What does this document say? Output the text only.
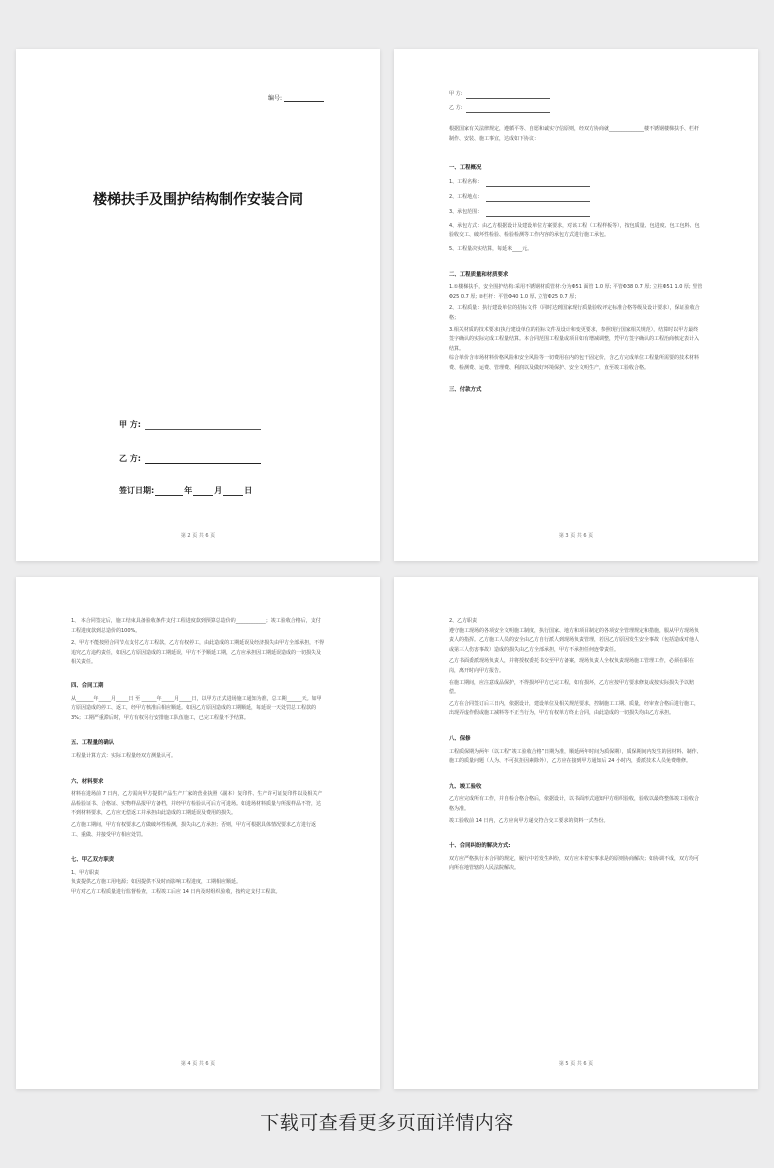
编号:
楼梯扶手及围护结构制作安装合同
甲 方:
乙 方:
签订日期:	年	月	日
第 2 页 共 6 页
甲 方:
乙 方:

根据国家有关法律规定，遵循平等、自愿和诚实守信原则，经双方协商就______________楼不锈钢楼梯扶手、栏杆制作、安装、施工事宜，达成如下协议：

一、工程概况

1、工程名称：
2、工程地点：
3、承包范围：

4、承包方式：由乙方根据设计及建设单位方案要求，对该工程（工程样板等），按包质量、包进度、包工包料、包验收交工、破坏性检验、检验检测等工作内容的承包方式进行施工承包。

5、工程量决实结算，每延米____元。

二、工程质量和材质要求

1.①楼梯扶手，安全围护结构:采用不锈钢材质管材:分为Φ51 面管 1.0 厚; 平管Φ38 0.7 厚; 立柱Φ51 1.0 厚; 竖管Φ25 0.7 厚; ②栏杆：平管Φ40 1.0 厚, 立管Φ25 0.7 厚；

2、工程质量：执行建设单位的招标文件（同时达到国家现行质量验收评定标准合格等级及设计要求），保证验收合格；

3.相关材质的技术要求(执行建设单位的招标文件及设计和变更要求，参照现行国家相关规范），结算时以甲方最终签字确认的实际完成工程量结算。本合同范围工程量或项目如有增减调整，凭甲方签字确认的工程治商核定表计入结算。

综合单价含市场材料价格风险和安全风险等一切费用在内的包干固定价，含乙方完成单位工程量所需要的技术材料费、检测费、运费、管理费、利润以及做好环境保护、安全文明生产，直至竣工验收合格。

三、付款方式

第 3 页 共 6 页

1、 本合同签定后，施工结束具备验收条件支付工程进度款到预算总造价的____________；竣工验收合格后，支付工程进度款到总造价的100%。

2、甲方不能按照合同节点支付乙方工程款，乙方有权停工，由此造成的工期延误及经济损失由甲方全部承担，不得追究乙方违约责任，如因乙方原因造成的工期延误，甲方不予顺延工期，乙方应承担因工期延误造成的一切损失及相关责任。

四、合同工期

从_______年_____月_____日 至 ______年_____月_____日，以甲方正式进场施工通知为准，总工期______天。如甲方原因造成的停工、返工，经甲方核准后相应顺延。如因乙方原因造成的工期顺延，每延误一天处罚总工程款的 3%；工期严重滞后时，甲方有权另行安排施工队伍施工，已完工程量不予结算。

五、工程量的确认

工程量计算方式：实际工程量经双方测量认可。

六、材料要求

材料在进场前 7 日内，乙方需向甲方提供产品生产厂家的营业执照（副本）复印件、生产许可证复印件以及相关产品检验证书、合格证、实物样品报甲方备档，并经甲方检验认可后方可进场。如进场材料质量与所报样品不符，达不到材料要求，乙方应无偿返工并承担由此造成的工期延误及费用的损失。

乙方施工期间，甲方有权要求乙方做破坏性检测，损失由乙方承担；否则，甲方可根据具体情况要求乙方进行返工、重做、并接受甲方相应处罚。

七、甲乙双方职责

1、甲方职责

负责提供乙方施工用电源；如因提供不及时而影响工程进度，工期相应顺延。

甲方对乙方工程质量进行监督检查，工程竣工后应 14 日内及时组织验收，按约定支付工程款。

第 4 页 共 6 页

2、乙方职责

遵守施工现场的各项安全文明施工制度，执行国家、地方和项目制定的各项安全管理规定和措施，服从甲方现场负责人的指挥。乙方施工人员的安全由乙方自行派人到现场负责管理，若因乙方原因发生安全事故（包括造成对他人或第三人伤害事故）造成的损失由乙方全部承担，甲方不承担任何连带责任。

乙方书面委派现场负责人，并将授权委托书交至甲方备案，现场负责人全权负责现场施工管理工作，必须在职在岗，离开时向甲方报告。

在施工期间，应注意成品保护，不得损坏甲方已完工程，如有损坏，乙方应按甲方要求修复或按实际损失予以赔偿。

乙方在合同签订后三日内，依据设计，建设单位及相关规范要求，控制施工工期、质量，经审查合格后进行施工，出现弄虚作假或施工减料等不正当行为，甲方有权单方终止合同，由此造成的一切损失均由乙方承担。

八、保修

工程质保期为两年（以工程“竣工验收合格”日期为准，顺延两年时间为质保期），质保期间内发生的因材料、制作、施工的质量问题（人为、不可抗拒因素除外），乙方应在接到甲方通知后 24 小时内，委派技术人员免费维修。

九、竣工验收

乙方应完成所有工作，并自检合格合格后，依据设计，以书面形式通知甲方组织验收，验收以最终整体竣工验收合格为准。

竣工验收前 14 日内，乙方应向甲方递交符合交工要求的资料一式叁份。

十、合同纠纷的解决方式:

双方应严格执行本合同的规定，履行中若发生纠纷，双方应本着实事求是的原则协商解决；如协调不成，双方均可向所在地管辖的人民法院解决。

第 5 页 共 6 页
下载可查看更多页面详情内容
